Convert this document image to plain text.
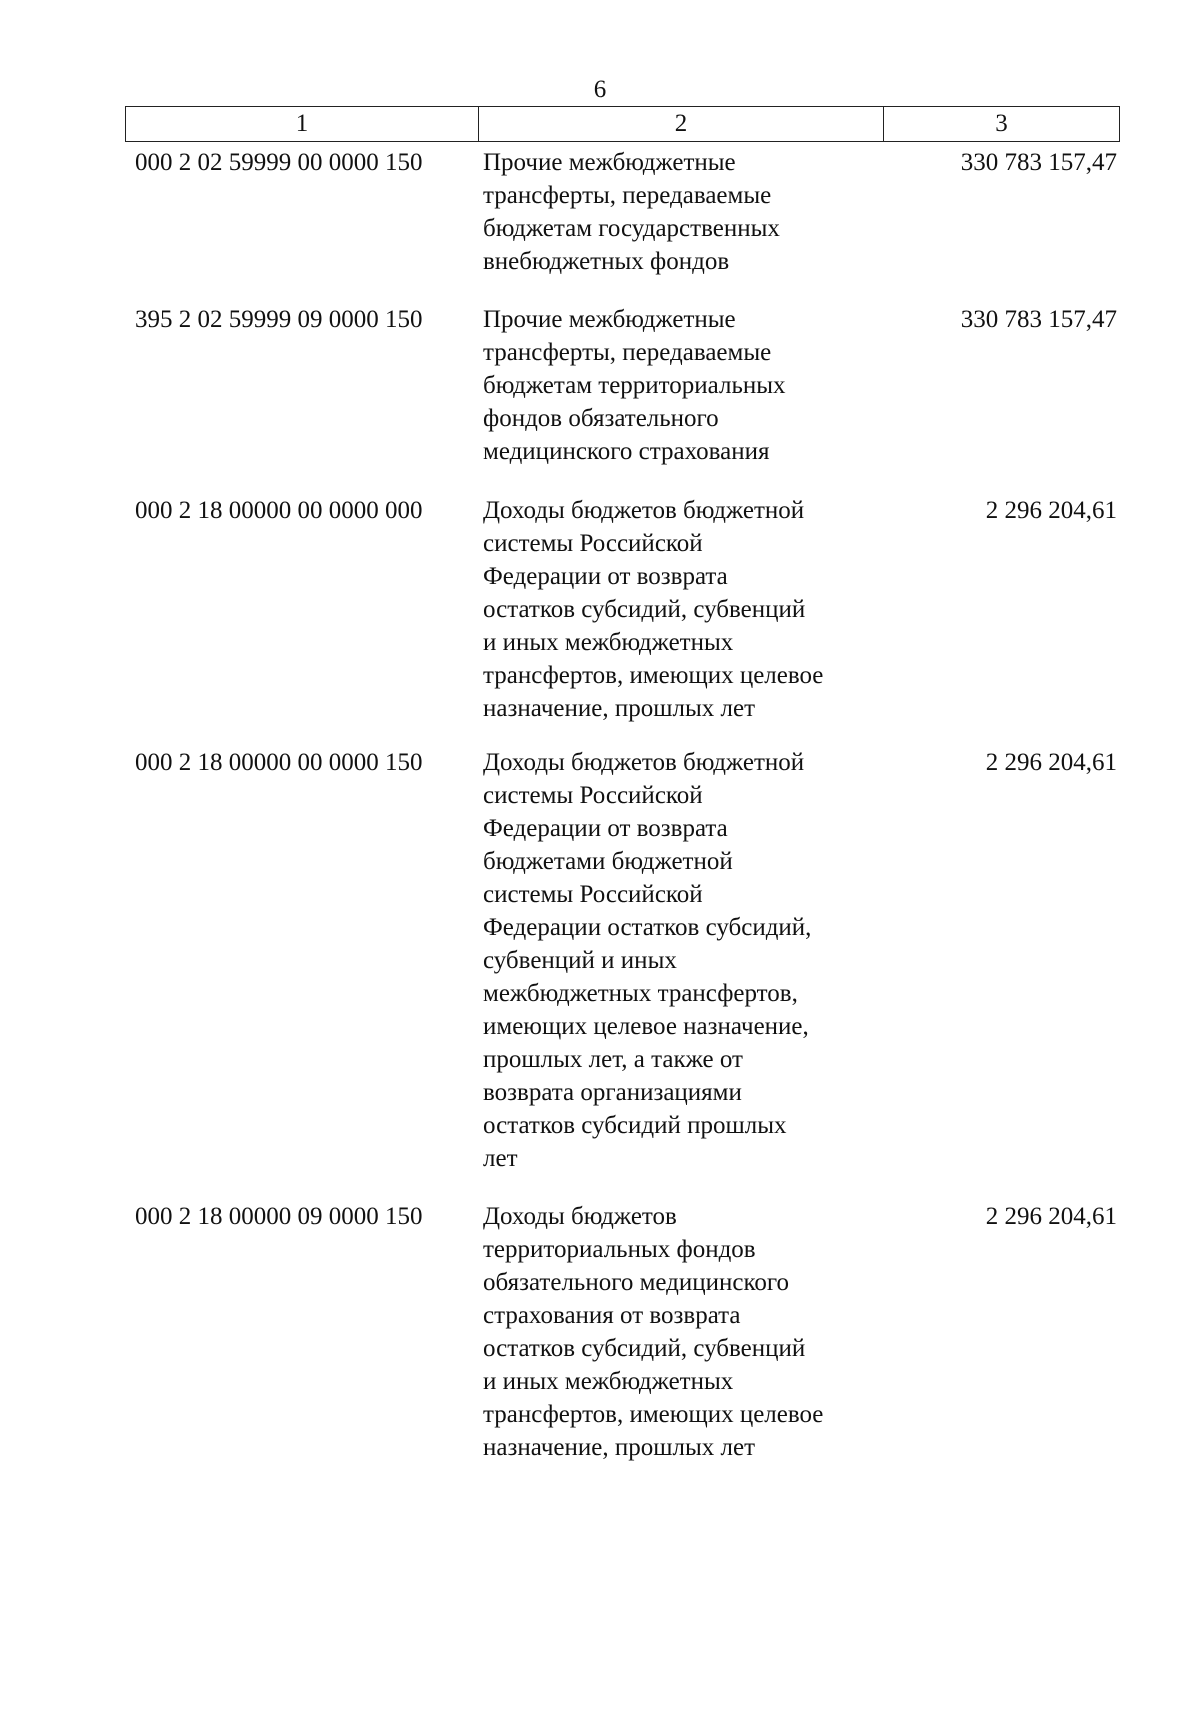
6
1	2	3
000 2 02 59999 00 0000 150 Прочие межбюджетные
трансферты, передаваемые
бюджетам государственных
внебюджетных фондов
330 783 157,47
395 2 02 59999 09 0000 150 Прочие межбюджетные
трансферты, передаваемые
бюджетам территориальных
фондов обязательного
медицинского страхования
330 783 157,47
000 2 18 00000 00 0000 000 Доходы бюджетов бюджетной
системы Российской
Федерации от возврата
остатков субсидий, субвенций
и иных межбюджетных
трансфертов, имеющих целевое
назначение, прошлых лет
2 296 204,61
000 2 18 00000 00 0000 150 Доходы бюджетов бюджетной
системы Российской
Федерации от возврата
бюджетами бюджетной
системы Российской
Федерации остатков субсидий,
субвенций и иных
межбюджетных трансфертов,
имеющих целевое назначение,
прошлых лет, а также от
возврата организациями
остатков субсидий прошлых
лет
2 296 204,61
000 2 18 00000 09 0000 150 Доходы бюджетов
территориальных фондов
обязательного медицинского
страхования от возврата
остатков субсидий, субвенций
и иных межбюджетных
трансфертов, имеющих целевое
назначение, прошлых лет
2 296 204,61
